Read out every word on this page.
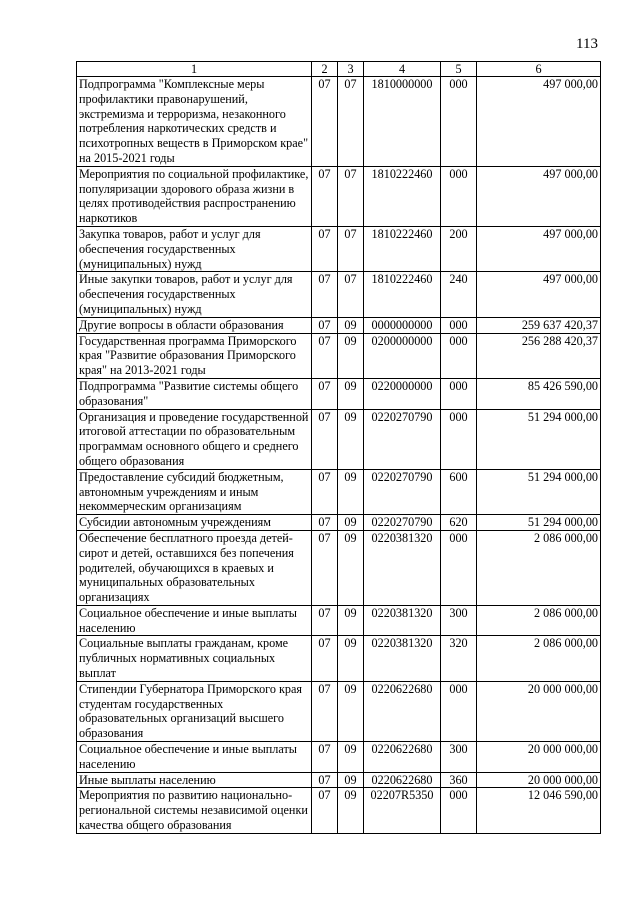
113
1	2	3	4	5	6
Подпрограмма "Комплексные меры профилактики правонарушений, экстремизма и терроризма, незаконного потребления наркотических средств и психотропных веществ в Приморском крае" на 2015-2021 годы	07	07	1810000000	000	497 000,00
Мероприятия по социальной профилактике, популяризации здорового образа жизни в целях противодействия распространению наркотиков	07	07	1810222460	000	497 000,00
Закупка товаров, работ и услуг для обеспечения государственных (муниципальных) нужд	07	07	1810222460	200	497 000,00
Иные закупки товаров, работ и услуг для обеспечения государственных (муниципальных) нужд	07	07	1810222460	240	497 000,00
Другие вопросы в области образования	07	09	0000000000	000	259 637 420,37
Государственная программа Приморского края "Развитие образования Приморского края" на 2013-2021 годы	07	09	0200000000	000	256 288 420,37
Подпрограмма "Развитие системы общего образования"	07	09	0220000000	000	85 426 590,00
Организация и проведение государственной итоговой аттестации по образовательным программам основного общего и среднего общего образования	07	09	0220270790	000	51 294 000,00
Предоставление субсидий бюджетным, автономным учреждениям и иным некоммерческим организациям	07	09	0220270790	600	51 294 000,00
Субсидии автономным учреждениям	07	09	0220270790	620	51 294 000,00
Обеспечение бесплатного проезда детей-сирот и детей, оставшихся без попечения родителей, обучающихся в краевых и муниципальных образовательных организациях	07	09	0220381320	000	2 086 000,00
Социальное обеспечение и иные выплаты населению	07	09	0220381320	300	2 086 000,00
Социальные выплаты гражданам, кроме публичных нормативных социальных выплат	07	09	0220381320	320	2 086 000,00
Стипендии Губернатора Приморского края студентам государственных образовательных организаций высшего образования	07	09	0220622680	000	20 000 000,00
Социальное обеспечение и иные выплаты населению	07	09	0220622680	300	20 000 000,00
Иные выплаты населению	07	09	0220622680	360	20 000 000,00
Мероприятия по развитию национально-региональной системы независимой оценки качества общего образования	07	09	02207R5350	000	12 046 590,00
